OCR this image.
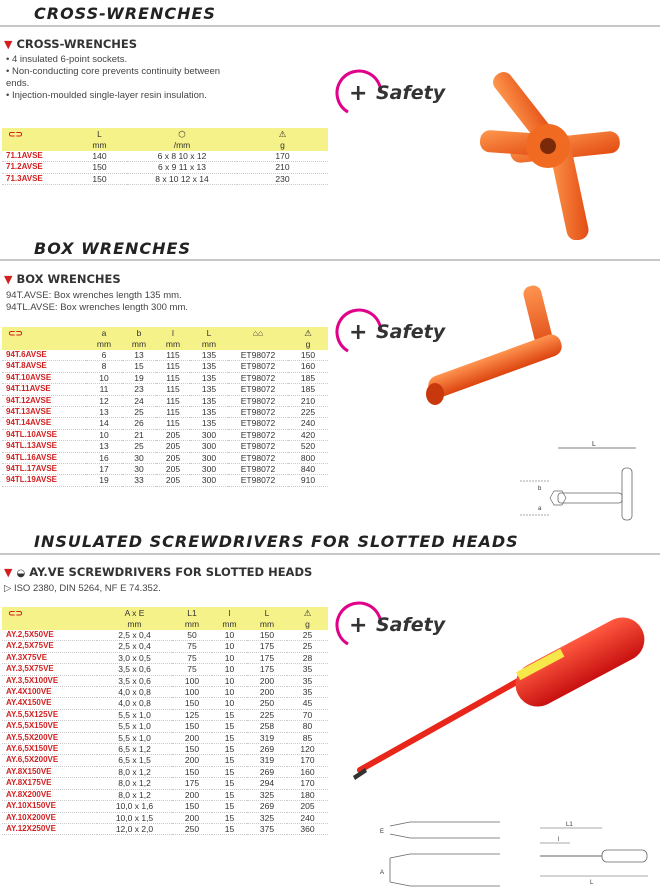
CROSS-WRENCHES
▼ CROSS-WRENCHES
• 4 insulated 6-point sockets.
• Non-conducting core prevents continuity between
ends.
• Injection-moulded single-layer resin insulation.
⊂⊃	L	⬡	⚠
	mm	/mm	g
71.1AVSE	140	6 x 8 10 x 12	170
71.2AVSE	150	6 x 9 11 x 13	210
71.3AVSE	150	8 x 10 12 x 14	230
+ Safety
BOX WRENCHES
▼ BOX WRENCHES
94T.AVSE: Box wrenches length 135 mm.
94TL.AVSE: Box wrenches length 300 mm.
⊂⊃	a	b	l	L	⌂⌂	⚠
	mm	mm	mm	mm		g
94T.6AVSE	6	13	115	135	ET98072	150
94T.8AVSE	8	15	115	135	ET98072	160
94T.10AVSE	10	19	115	135	ET98072	185
94T.11AVSE	11	23	115	135	ET98072	185
94T.12AVSE	12	24	115	135	ET98072	210
94T.13AVSE	13	25	115	135	ET98072	225
94T.14AVSE	14	26	115	135	ET98072	240
94TL.10AVSE	10	21	205	300	ET98072	420
94TL.13AVSE	13	25	205	300	ET98072	520
94TL.16AVSE	16	30	205	300	ET98072	800
94TL.17AVSE	17	30	205	300	ET98072	840
94TL.19AVSE	19	33	205	300	ET98072	910
+ Safety
L
b
a
INSULATED SCREWDRIVERS FOR SLOTTED HEADS
▼ ◒ AY.VE SCREWDRIVERS FOR SLOTTED HEADS
▷ ISO 2380, DIN 5264, NF E 74.352.
⊂⊃	A x E	L1	l	L	⚠
	mm	mm	mm	mm	g
AY.2,5X50VE	2,5 x 0,4	50	10	150	25
AY.2,5X75VE	2,5 x 0,4	75	10	175	25
AY.3X75VE	3,0 x 0,5	75	10	175	28
AY.3,5X75VE	3,5 x 0,6	75	10	175	35
AY.3,5X100VE	3,5 x 0,6	100	10	200	35
AY.4X100VE	4,0 x 0,8	100	10	200	35
AY.4X150VE	4,0 x 0,8	150	10	250	45
AY.5,5X125VE	5,5 x 1,0	125	15	225	70
AY.5,5X150VE	5,5 x 1,0	150	15	258	80
AY.5,5X200VE	5,5 x 1,0	200	15	319	85
AY.6,5X150VE	6,5 x 1,2	150	15	269	120
AY.6,5X200VE	6,5 x 1,5	200	15	319	170
AY.8X150VE	8,0 x 1,2	150	15	269	160
AY.8X175VE	8,0 x 1,2	175	15	294	170
AY.8X200VE	8,0 x 1,2	200	15	325	180
AY.10X150VE	10,0 x 1,6	150	15	269	205
AY.10X200VE	10,0 x 1,5	200	15	325	240
AY.12X250VE	12,0 x 2,0	250	15	375	360
+ Safety
E
A
L1
l
L
